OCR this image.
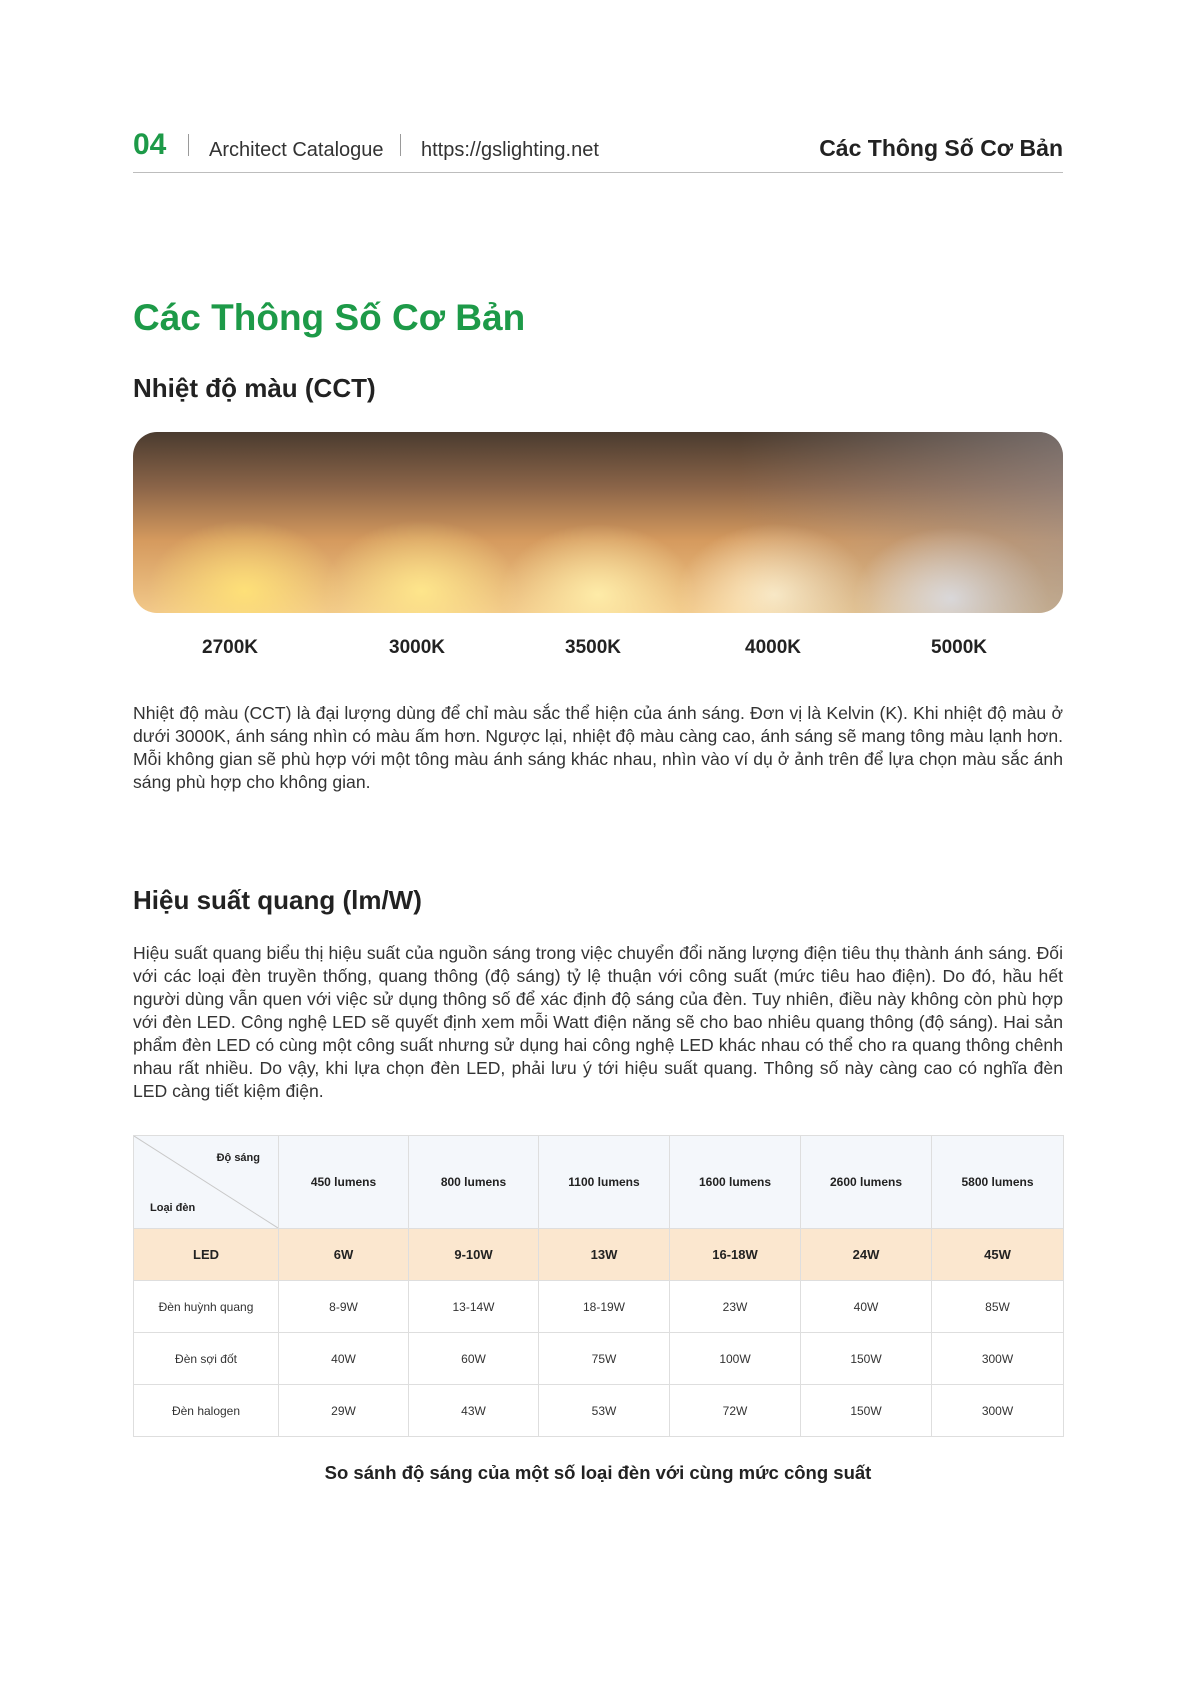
04 Architect Catalogue https://gslighting.net	Các Thông Số Cơ Bản
Các Thông Số Cơ Bản
Nhiệt độ màu (CCT)
2700K	3000K	3500K	4000K	5000K

Nhiệt độ màu (CCT) là đại lượng dùng để chỉ màu sắc thể hiện của ánh sáng. Đơn vị là Kelvin (K). Khi nhiệt độ màu ở dưới 3000K, ánh sáng nhìn có màu ấm hơn. Ngược lại, nhiệt độ màu càng cao, ánh sáng sẽ mang tông màu lạnh hơn. Mỗi không gian sẽ phù hợp với một tông màu ánh sáng khác nhau, nhìn vào ví dụ ở ảnh trên để lựa chọn màu sắc ánh sáng phù hợp cho không gian.

Hiệu suất quang (lm/W)

Hiệu suất quang biểu thị hiệu suất của nguồn sáng trong việc chuyển đổi năng lượng điện tiêu thụ thành ánh sáng. Đối với các loại đèn truyền thống, quang thông (độ sáng) tỷ lệ thuận với công suất (mức tiêu hao điện). Do đó, hầu hết người dùng vẫn quen với việc sử dụng thông số để xác định độ sáng của đèn. Tuy nhiên, điều này không còn phù hợp với đèn LED. Công nghệ LED sẽ quyết định xem mỗi Watt điện năng sẽ cho bao nhiêu quang thông (độ sáng). Hai sản phẩm đèn LED có cùng một công suất nhưng sử dụng hai công nghệ LED khác nhau có thể cho ra quang thông chênh nhau rất nhiều. Do vậy, khi lựa chọn đèn LED, phải lưu ý tới hiệu suất quang. Thông số này càng cao có nghĩa đèn LED càng tiết kiệm điện.

Độ sáng
Loại đèn	450 lumens	800 lumens	1100 lumens	1600 lumens	2600 lumens	5800 lumens
LED	6W	9-10W	13W	16-18W	24W	45W
Đèn huỳnh quang	8-9W	13-14W	18-19W	23W	40W	85W
Đèn sợi đốt	40W	60W	75W	100W	150W	300W
Đèn halogen	29W	43W	53W	72W	150W	300W

So sánh độ sáng của một số loại đèn với cùng mức công suất
